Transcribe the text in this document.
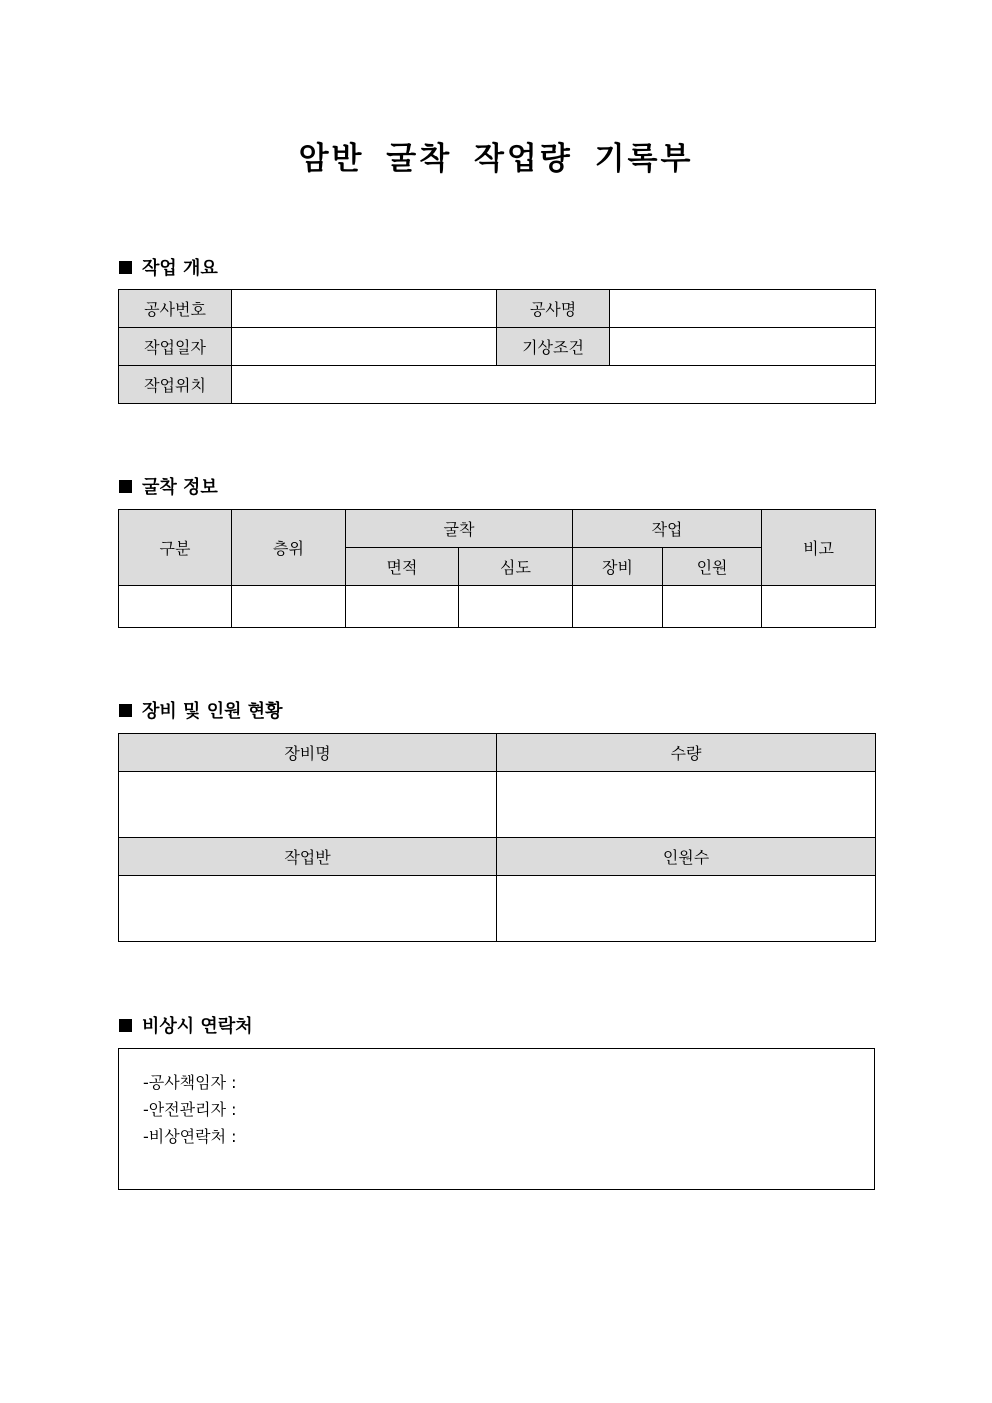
암반 굴착 작업량 기록부
작업 개요
공사번호		공사명	
작업일자		기상조건	
작업위치			
굴착 정보
구분	층위	굴착		작업		비고
		면적	심도	장비	인원	

장비 및 인원 현황
장비명	수량

작업반	인원수

비상시 연락처
-공사책임자 :
-안전관리자 :
-비상연락처 :
